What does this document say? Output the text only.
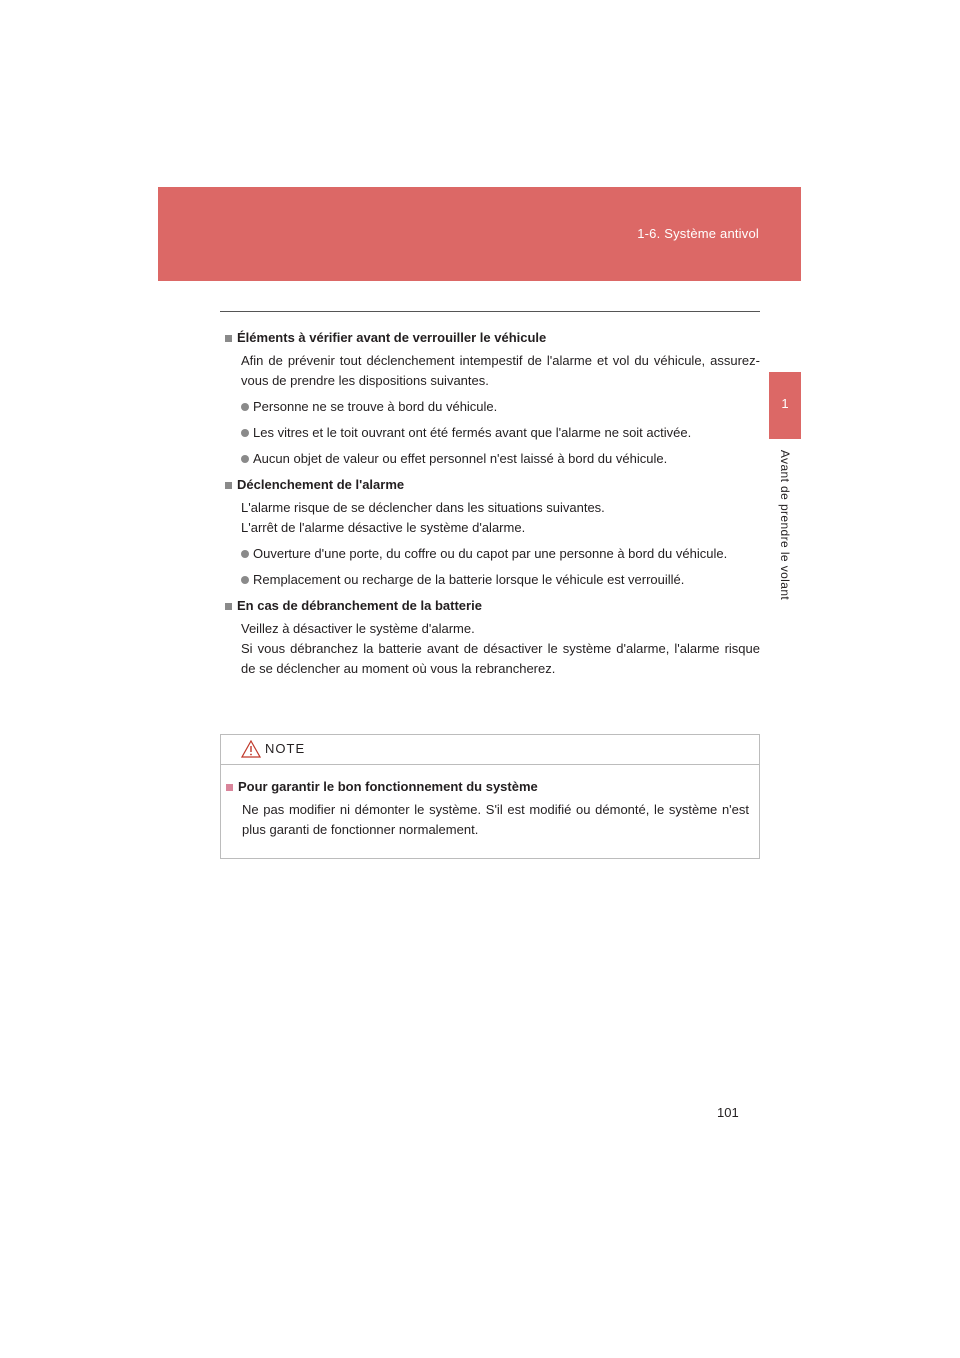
1-6. Système antivol
1
Avant de prendre le volant
Éléments à vérifier avant de verrouiller le véhicule
Afin de prévenir tout déclenchement intempestif de l'alarme et vol du véhicule, assurez-vous de prendre les dispositions suivantes.
Personne ne se trouve à bord du véhicule.
Les vitres et le toit ouvrant ont été fermés avant que l'alarme ne soit activée.
Aucun objet de valeur ou effet personnel n'est laissé à bord du véhicule.
Déclenchement de l'alarme
L'alarme risque de se déclencher dans les situations suivantes.
L'arrêt de l'alarme désactive le système d'alarme.
Ouverture d'une porte, du coffre ou du capot par une personne à bord du véhicule.
Remplacement ou recharge de la batterie lorsque le véhicule est verrouillé.
En cas de débranchement de la batterie
Veillez à désactiver le système d'alarme.
Si vous débranchez la batterie avant de désactiver le système d'alarme, l'alarme risque de se déclencher au moment où vous la rebrancherez.
NOTE
Pour garantir le bon fonctionnement du système
Ne pas modifier ni démonter le système. S'il est modifié ou démonté, le système n'est plus garanti de fonctionner normalement.
101
